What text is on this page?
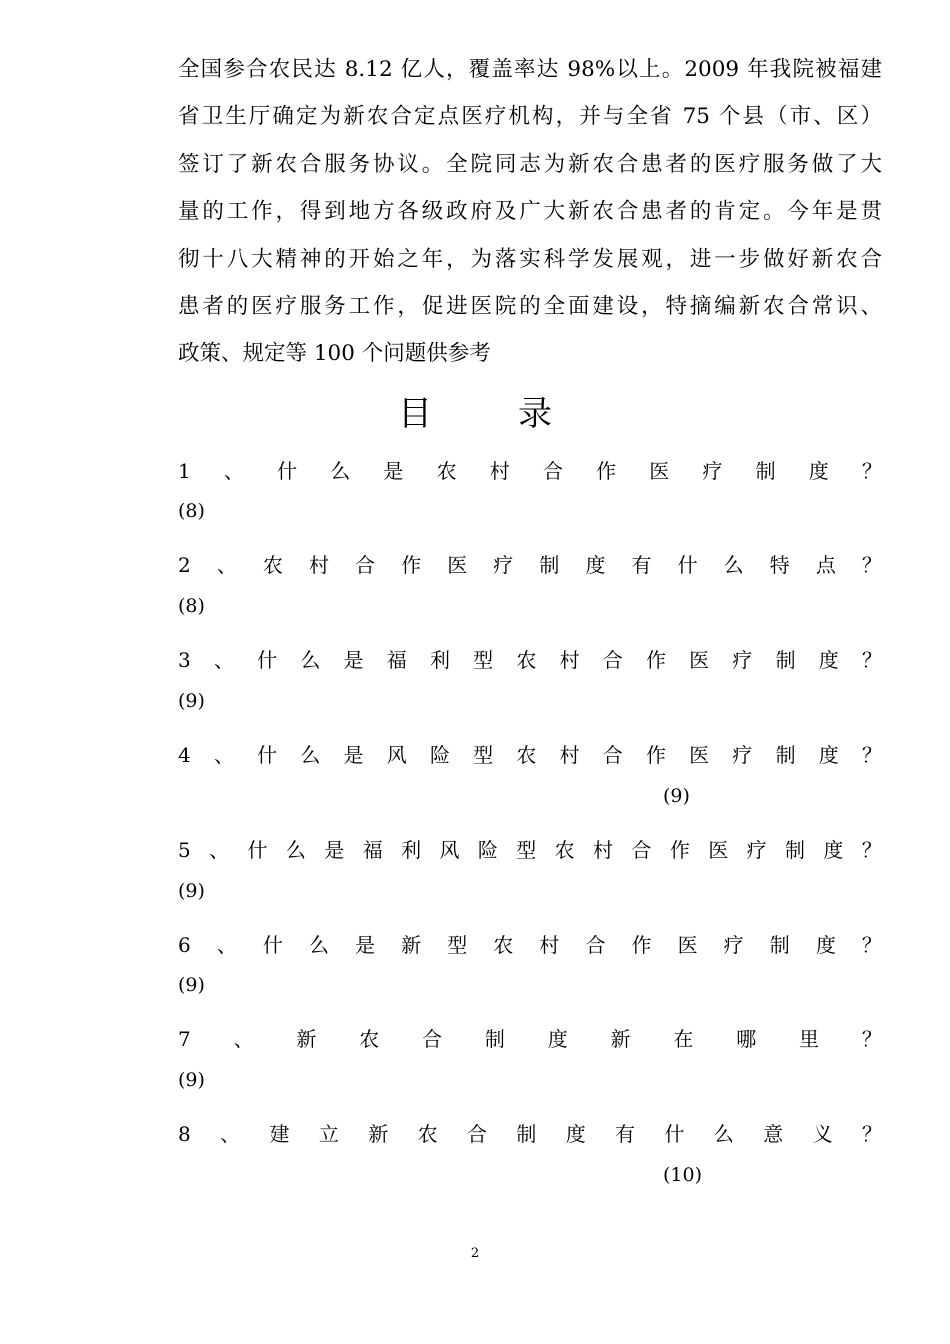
全国参合农民达 8.12 亿人，覆盖率达 98%以上。2009 年我院被福建
省卫生厅确定为新农合定点医疗机构，并与全省 75 个县（市、区）
签订了新农合服务协议。全院同志为新农合患者的医疗服务做了大
量的工作，得到地方各级政府及广大新农合患者的肯定。今年是贯
彻十八大精神的开始之年，为落实科学发展观，进一步做好新农合
患者的医疗服务工作，促进医院的全面建设，特摘编新农合常识、
政策、规定等 100 个问题供参考
目录
1 、 什 么 是 农 村 合 作 医 疗 制 度 ？
(8)
2 、 农 村 合 作 医 疗 制 度 有 什 么 特 点 ？
(8)
3 、 什 么 是 福 利 型 农 村 合 作 医 疗 制 度 ？
(9)
4 、 什 么 是 风 险 型 农 村 合 作 医 疗 制 度 ？
(9)
5 、 什 么 是 福 利 风 险 型 农 村 合 作 医 疗 制 度 ？
(9)
6 、 什 么 是 新 型 农 村 合 作 医 疗 制 度 ？
(9)
7 、 新 农 合 制 度 新 在 哪 里 ？
(9)
8 、 建 立 新 农 合 制 度 有 什 么 意 义 ？
(10)
2
